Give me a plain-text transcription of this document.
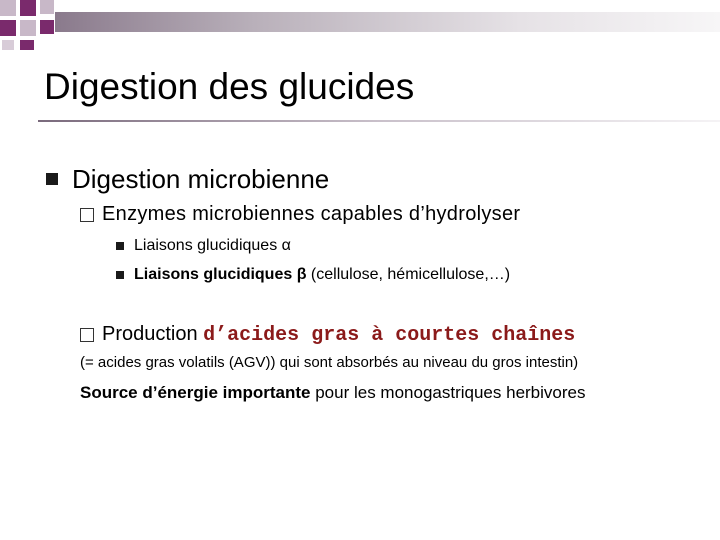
Digestion des glucides
Digestion microbienne
Enzymes microbiennes capables d’hydrolyser
Liaisons glucidiques α
Liaisons glucidiques β (cellulose, hémicellulose,…)
Production d’acides gras à courtes chaînes
(= acides gras volatils (AGV)) qui sont absorbés au niveau du gros intestin)
Source d’énergie importante pour les monogastriques herbivores
